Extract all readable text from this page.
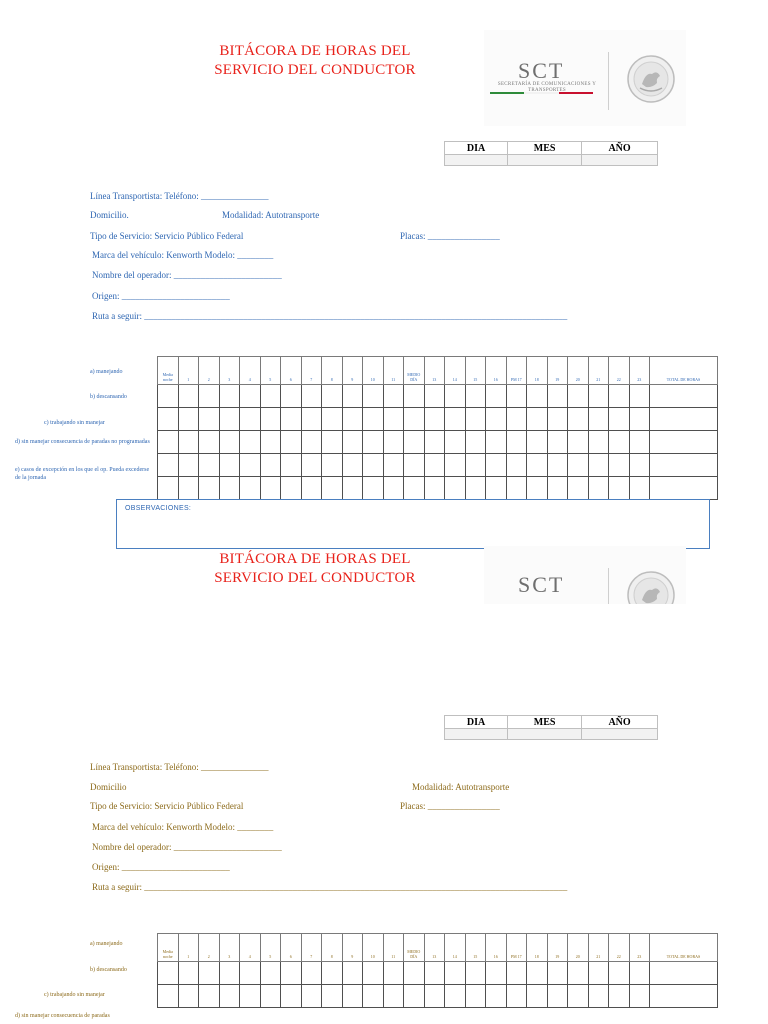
BITÁCORA DE HORAS DEL
SERVICIO DEL CONDUCTOR	SCT
SECRETARÍA DE COMUNICACIONES Y TRANSPORTES
DIA	MES	AÑO

Línea Transportista: Teléfono: _______________
Domicilio.	Modalidad: Autotransporte
Tipo de Servicio: Servicio Público Federal	Placas: ________________
Marca del vehículo: Kenworth Modelo: ________
Nombre del operador: ________________________
Origen: ________________________
Ruta a seguir: ______________________________________________________________________________________________
a) manejando
b) descansando
c) trabajando sin manejar
d) sin manejar consecuencia de paradas no programadas
e) casos de excepción en los que el op. Pueda excederse de la jornada
Media noche	1	2	3	4	5	6	7	8	9	10	11	MEDIO DÍA	13	14	15	16	PM 17	18	19	20	21	22	23	TOTAL DE HORAS

OBSERVACIONES:
BITÁCORA DE HORAS DEL
SERVICIO DEL CONDUCTOR	SCT
DIA	MES	AÑO

Línea Transportista: Teléfono: _______________
Domicilio	Modalidad: Autotransporte
Tipo de Servicio: Servicio Público Federal	Placas: ________________
Marca del vehículo: Kenworth Modelo: ________
Nombre del operador: ________________________
Origen: ________________________
Ruta a seguir: ______________________________________________________________________________________________
a) manejando
b) descansando
c) trabajando sin manejar
d) sin manejar consecuencia de paradas
Media noche	1	2	3	4	5	6	7	8	9	10	11	MEDIO DÍA	13	14	15	16	PM 17	18	19	20	21	22	23	TOTAL DE HORAS
